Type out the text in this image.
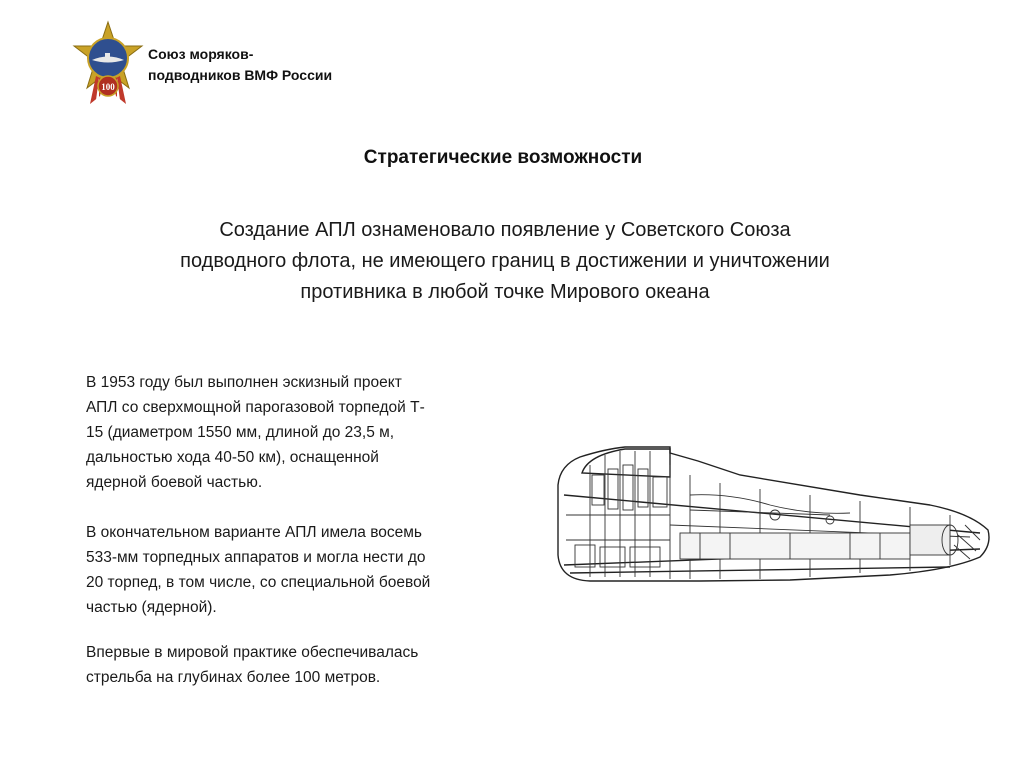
100
Союз моряков-
подводников ВМФ России
Стратегические возможности
Создание АПЛ ознаменовало появление у Советского Союза
подводного флота, не имеющего границ в достижении и уничтожении
противника в любой точке Мирового океана
В 1953 году был выполнен эскизный проект
АПЛ со сверхмощной парогазовой торпедой Т-
15 (диаметром 1550 мм, длиной до 23,5 м,
дальностью хода 40-50 км), оснащенной
ядерной боевой частью.
В окончательном варианте АПЛ имела восемь
533-мм торпедных аппаратов и могла нести до
20 торпед, в том числе, со специальной боевой
частью (ядерной).
Впервые в мировой практике обеспечивалась
стрельба на глубинах более 100 метров.
